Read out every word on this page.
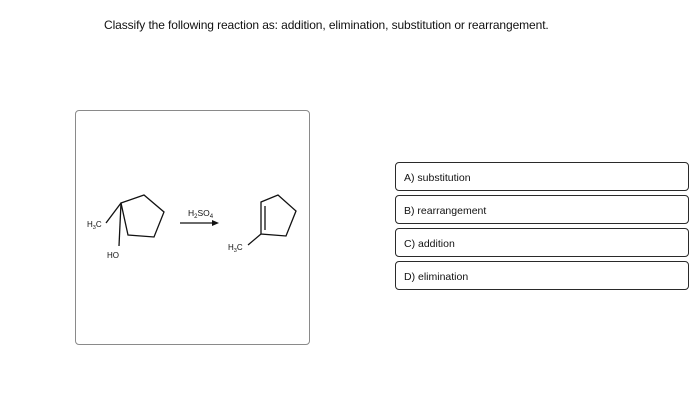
Classify the following reaction as: addition, elimination, substitution or rearrangement.
$H_3C$
HO
$H_2SO_4$
$H_3C$
A) substitution
B) rearrangement
C) addition
D) elimination
